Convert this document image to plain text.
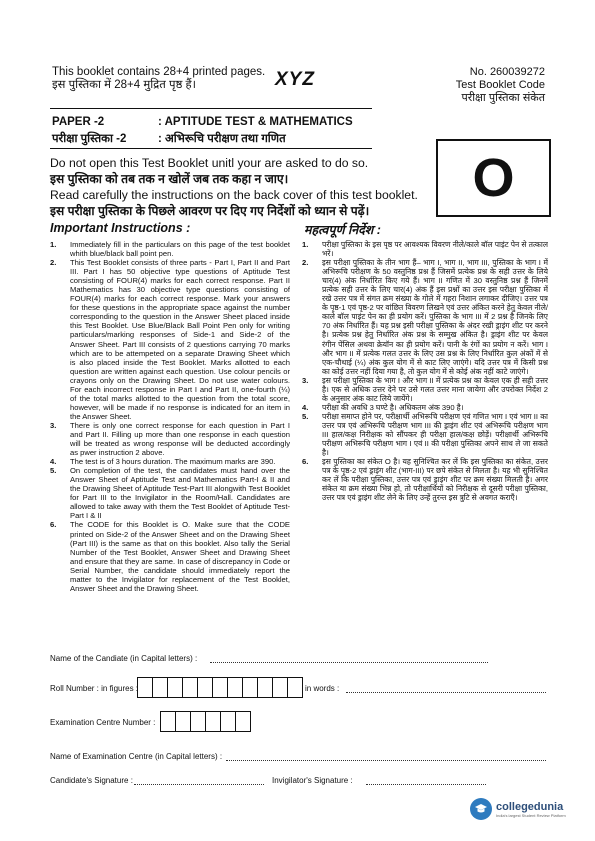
This booklet contains 28+4 printed pages.
इस पुस्तिका में 28+4 मुद्रित पृष्ठ हैं।	XYZ	No. 260039272
Test Booklet Code
परीक्षा पुस्तिका संकेत
PAPER -2	: APTITUDE TEST & MATHEMATICS
परीक्षा पुस्तिका -2	: अभिरूचि परीक्षण तथा गणित
O
Do not open this Test Booklet unitl your are asked to do so.
इस पुस्तिका को तब तक न खोलें जब तक कहा न जाए।
Read carefully the instructions on the back cover of this test booklet.
इस परीक्षा पुस्तिका के पिछले आवरण पर दिए गए निर्देशों को ध्यान से पढ़ें।
Important Instructions :	महत्वपूर्ण निर्देश :
1.	Immediately fill in the particulars on this page of the test booklet whith blue/black ball point pen.
2.	This Test Booklet consists of three parts - Part I, Part II and Part III. Part I has 50 objective type questions of Aptitude Test consisting of FOUR(4) marks for each correct response. Part II Mathematics has 30 objective type questions consisting of FOUR(4) marks for each correct response. Mark your answers for these questions in the appropriate space against the number corresponding to the question in the Answer Sheet placed inside this Test Booklet. Use Blue/Black Ball Point Pen only for writing particulars/marking responses of Side-1 and Side-2 of the Answer Sheet. Part III consists of 2 questions carrying 70 marks which are to be attempeted on a separate Drawing Sheet which is also placed inside the Test Booklet. Marks allotted to each question are written against each question. Use colour pencils or crayons only on the Drawing Sheet. Do not use water colours. For each incorrect response in Part I and Part II, one-fourth (¼) of the total marks allotted to the question from the total score, however, will be made if no response is indicated for an item in the Answer Sheet.
3.	There is only one correct response for each question in Part I and Part II. Filling up more than one response in each question will be treated as wrong response will be deducted accordingly as pwer instruction 2 above.
4.	The test is of 3 hours duration. The maximum marks are 390.
5.	On completion of the test, the candidates must hand over the Answer Sheet of Aptitude Test and Mathematics Part-I & II and the Drawing Sheet of Aptitude Test-Part III alongwith Test Booklet for Part III to the Invigilator in the Room/Hall. Candidates are allowed to take away with them the Test Booklet of Aptitude Test-Part I & II
6.	The CODE for this Booklet is O. Make sure that the CODE printed on Side-2 of the Answer Sheet and on the Drawing Sheet (Part III) is the same as that on this booklet. Also tally the Serial Number of the Test Booklet, Answer Sheet and Drawing Sheet and ensure that they are same. In case of discrepancy in Code or Serial Number, the candidate should immediately report the matter to the Invigilator for replacement of the Test Booklet, Answer Sheet and the Drawing Sheet.
1.	परीक्षा पुस्तिका के इस पृष्ठ पर आवश्यक विवरण नीले/काले बॉल पाइंट पेन से तत्काल भरें।
2.	इस परीक्षा पुस्तिका के तीन भाग हैं– भाग I, भाग II, भाग III, पुस्तिका के भाग I में अभिरूचि परीक्षण के 50 वस्तुनिष्ठ प्रश्न हैं जिसमें प्रत्येक प्रश्न के सही उत्तर के लिये चार(4) अंक निर्धारित किए गये हैं। भाग II गणित में 30 वस्तुनिष्ठ प्रश्न हैं जिनमें प्रत्येक सही उत्तर के लिए चार(4) अंक हैं इस प्रश्नों का उत्तर इस परीक्षा पुस्तिका में रखे उत्तर पत्र में संगत क्रम संख्या के गोले में गहरा निशान लगाकर दीजिए। उत्तर पत्र के पृष्ठ-1 एवं पृष्ठ-2 पर वांछित विवरण लिखने एवं उत्तर अंकित करने हेतु केवल नीले/काले बॉल पाइंट पेन का ही प्रयोग करें। पुस्तिका के भाग III में 2 प्रश्न है जिनके लिए 70 अंक निर्धारित हैं। यह प्रश्न इसी परीक्षा पुस्तिका के अंदर रखी ड्राइंग शीट पर करने है। प्रत्येक प्रश्न हेतु निर्धारित अंक प्रश्न के सम्मुख अंकित है। ड्राइंग शीट पर केवल रंगीन पेंसिल अथवा क्रेयॉन का ही प्रयोग करें। पानी के रंगों का प्रयोग न करें। भाग I और भाग II में प्रत्येक गलत उत्तर के लिए उस प्रश्न के लिए निर्धारित कुल अंकों में से एक-चौथाई (¼) अंक कुल योग में से काट लिए जाएंगे। यदि उत्तर पत्र में किसी प्रश्न का कोई उत्तर नहीं दिया गया है, तो कुल योग में से कोई अंक नहीं काटे जाएंगे।
3.	इस परीक्षा पुस्तिका के भाग I और भाग II में प्रत्येक प्रश्न का केवल एक ही सही उत्तर है। एक से अधिक उत्तर देने पर उसे गलत उत्तर माना जायेगा और उपरोक्त निर्देश 2 के अनुसार अंक काट लिये जायेंगे।
4.	परीक्षा की अवधि 3 घण्टे है। अधिकतम अंक 390 है।
5.	परीक्षा समाप्त होने पर, परीक्षार्थी अभिरूचि परीक्षण एवं गणित भाग I एवं भाग II का उत्तर पत्र एवं अभिरूचि परीक्षण भाग III की ड्राइंग शीट एवं अभिरूचि परीक्षण भाग III हाल/कक्ष निरीक्षक को सौंपकर ही परीक्षा हाल/कक्ष छोड़ें। परीक्षार्थी अभिरूचि परीक्षण अभिरूचि परीक्षण भाग I एवं II की परीक्षा पुस्तिका अपने साथ ले जा सकते है।
6.	इस पुस्तिका का संकेत O है। यह सुनिश्चित कर लें कि इस पुस्तिका का संकेत, उत्तर पत्र के पृष्ठ-2 एवं ड्राइंग शीट (भाग-III) पर छपे संकेत से मिलता है। यह भी सुनिश्चित कर लें कि परीक्षा पुस्तिका, उत्तर पत्र एवं ड्राइंग शीट पर क्रम संख्या मिलती है। अगर संकेत या क्रम संख्या भिन्न हो, तो परीक्षार्थियों को निरीक्षक से दूसरी परीक्षा पुस्तिका, उत्तर पत्र एवं ड्राइंग शीट लेने के लिए उन्हें तुरन्त इस त्रुटि से अवगत कराएँ।
Name of the Candiate (in Capital letters) :
Roll Number : in figures :	in words :
Examination Centre Number :
Name of Examination Centre (in Capital letters) :
Candidate's Signature :	Invigilator's Signature :
collegedunia
India's largest Student Review Platform
